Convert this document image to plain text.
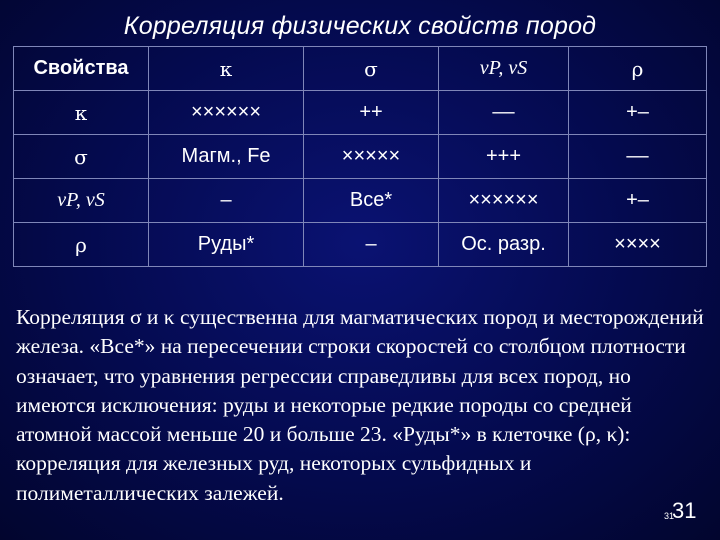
Корреляция физических свойств пород
Свойства	κ	σ	vP, vS	ρ
κ	××××××	++	––	+–
σ	Магм., Fe	×××××	+++	––
vP, vS	–	Все*	××××××	+–
ρ	Руды*	–	Ос. разр.	××××
Корреляция σ и κ существенна для магматических пород и месторождений железа. «Все*» на пересечении строки скоростей со столбцом плотности означает, что уравнения регрессии справедливы для всех пород, но имеются исключения: руды и некоторые редкие породы со средней атомной массой меньше 20 и больше 23. «Руды*» в клеточке (ρ, κ): корреляция для железных руд, некоторых сульфидных и полиметаллических залежей.
31
31
